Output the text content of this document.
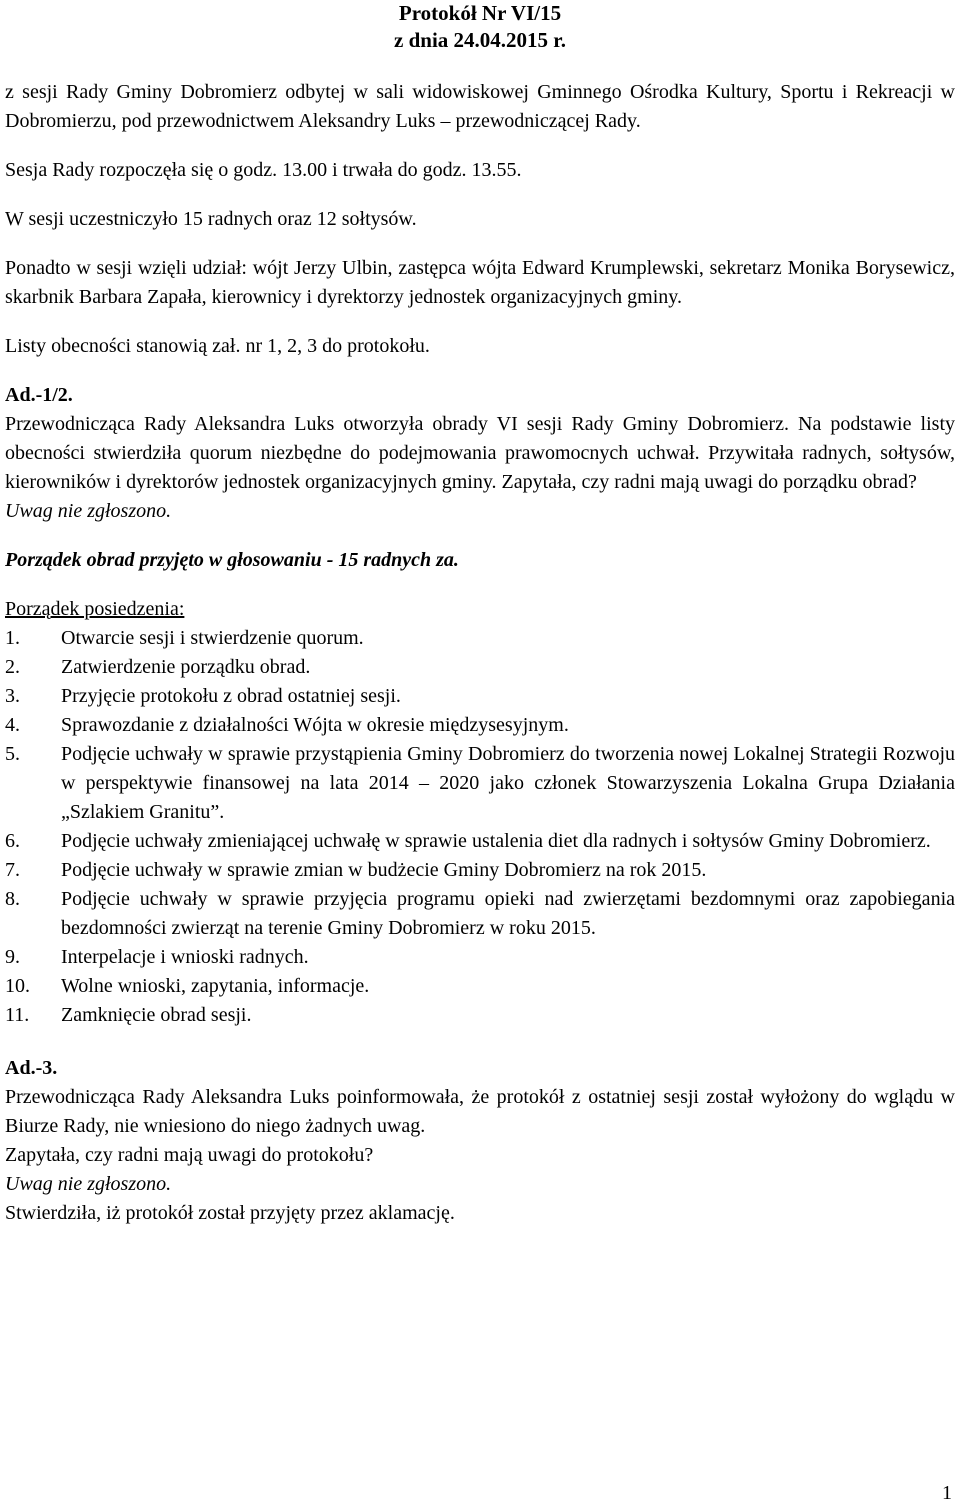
Protokół Nr VI/15

z dnia 24.04.2015 r.

z sesji Rady Gminy Dobromierz odbytej w sali widowiskowej Gminnego Ośrodka Kultury, Sportu i Rekreacji w Dobromierzu, pod przewodnictwem Aleksandry Luks – przewodniczącej Rady.

Sesja Rady rozpoczęła się o godz. 13.00 i trwała do godz. 13.55.

W sesji uczestniczyło 15 radnych oraz 12 sołtysów.

Ponadto w sesji wzięli udział: wójt Jerzy Ulbin, zastępca wójta Edward Krumplewski, sekretarz Monika Borysewicz, skarbnik Barbara Zapała, kierownicy i dyrektorzy jednostek organizacyjnych gminy.

Listy obecności stanowią zał. nr 1, 2, 3 do protokołu.

Ad.-1/2.

Przewodnicząca Rady Aleksandra Luks otworzyła obrady VI sesji Rady Gminy Dobromierz. Na podstawie listy obecności stwierdziła quorum niezbędne do podejmowania prawomocnych uchwał. Przywitała radnych, sołtysów, kierowników i dyrektorów jednostek organizacyjnych gminy. Zapytała, czy radni mają uwagi do porządku obrad?

Uwag nie zgłoszono.

Porządek obrad przyjęto w głosowaniu - 15 radnych za.

Porządek posiedzenia:

1.	Otwarcie sesji i stwierdzenie quorum.
2.	Zatwierdzenie porządku obrad.
3.	Przyjęcie protokołu z obrad ostatniej sesji.
4.	Sprawozdanie z działalności Wójta w okresie międzysesyjnym.
5.	Podjęcie uchwały w sprawie przystąpienia Gminy Dobromierz do tworzenia nowej Lokalnej Strategii Rozwoju w perspektywie finansowej na lata 2014 – 2020 jako członek Stowarzyszenia Lokalna Grupa Działania „Szlakiem Granitu”.
6.	Podjęcie uchwały zmieniającej uchwałę w sprawie ustalenia diet dla radnych i sołtysów Gminy Dobromierz.
7.	Podjęcie uchwały w sprawie zmian w budżecie Gminy Dobromierz na rok 2015.
8.	Podjęcie uchwały w sprawie przyjęcia programu opieki nad zwierzętami bezdomnymi oraz zapobiegania bezdomności zwierząt na terenie Gminy Dobromierz w roku 2015.
9.	Interpelacje i wnioski radnych.
10.	Wolne wnioski, zapytania, informacje.
11.	Zamknięcie obrad sesji.

Ad.-3.

Przewodnicząca Rady Aleksandra Luks poinformowała, że protokół z ostatniej sesji został wyłożony do wglądu w Biurze Rady, nie wniesiono do niego żadnych uwag.

Zapytała, czy radni mają uwagi do protokołu?

Uwag nie zgłoszono.

Stwierdziła, iż protokół został przyjęty przez aklamację.

1
